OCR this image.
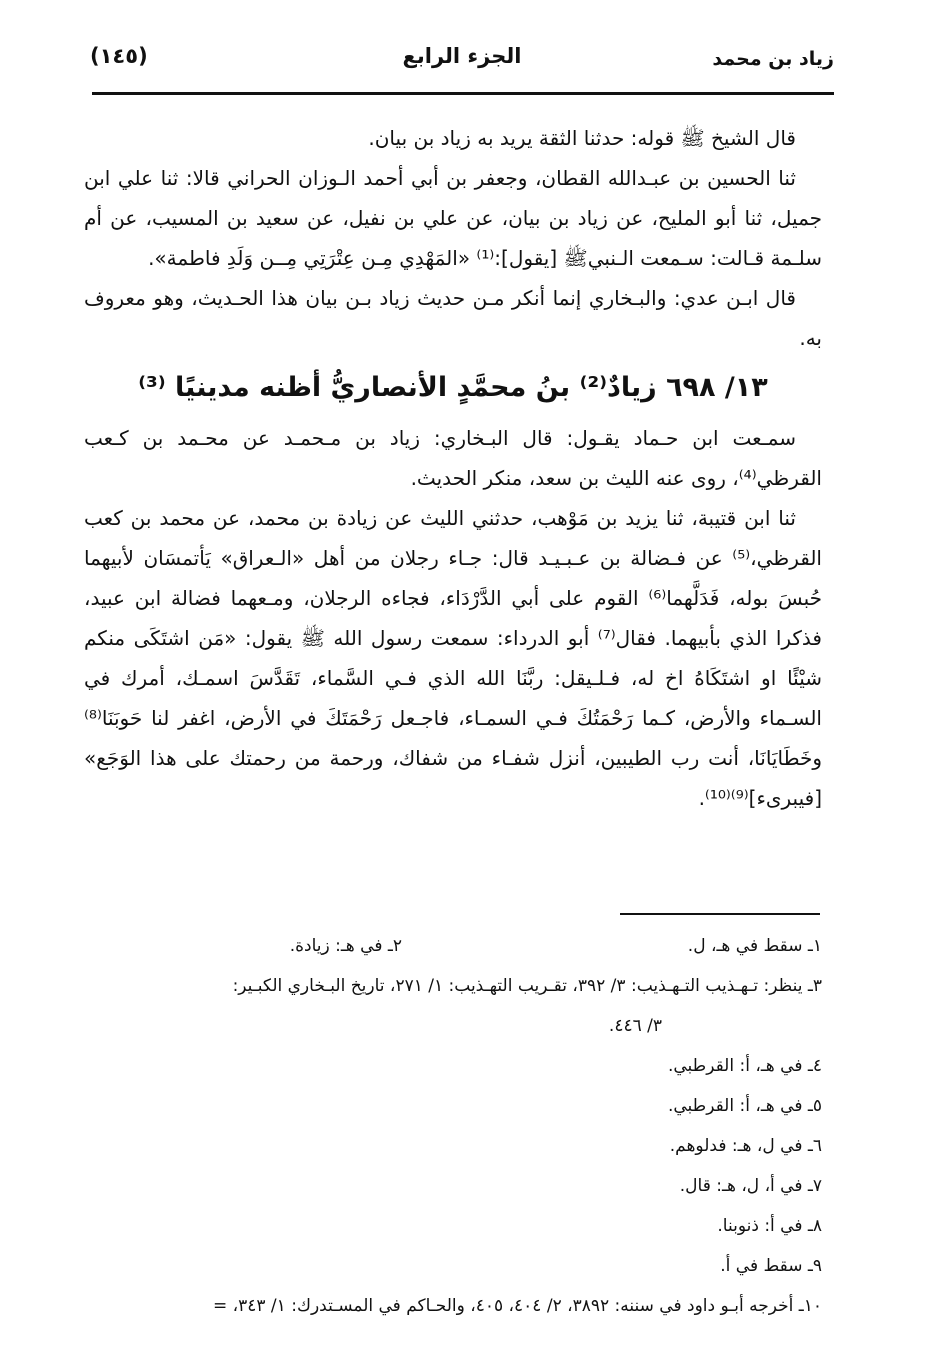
(١٤٥)	الجزء الرابع	زياد بن محمد

قال الشيخ ﷺ قوله: حدثنا الثقة يريد به زياد بن بيان.

ثنا الحسين بن عبـدالله القطان، وجعفر بن أبي أحمد الـوزان الحراني قالا: ثنا علي ابن جميل، ثنا أبو المليح، عن زياد بن بيان، عن علي بن نفيل، عن سعيد بن المسيب، عن أم سلـمة قـالت: سـمعت الـنبيﷺ [يقول]:⁽¹⁾ «المَهْدِي مِـن عِتْرَتِي مِــن وَلَدِ فاطمة».

قال ابـن عدي: والبـخاري إنما أنكر مـن حديث زياد بـن بيان هذا الحـديث، وهو معروف به.

١٣/ ٦٩٨ زيادٌ⁽²⁾ بنُ محمَّدٍ الأنصاريُّ أظنه مدينيًا ⁽³⁾

سمـعت ابن حـماد يقـول: قال البـخاري: زياد بن مـحمـد عن محـمد بن كـعب القرظي⁽⁴⁾، روى عنه الليث بن سعد، منكر الحديث.

ثنا ابن قتيبة، ثنا يزيد بن مَوْهب، حدثني الليث عن زيادة بن محمد، عن محمد بن كعب القرظي،⁽⁵⁾ عن فـضالة بن عـبـيـد قال: جـاء رجلان من أهل «الـعراق» يَأتمسَان لأبيهما حُبسَ بوله، فَدَلَّهما⁽⁶⁾ القوم على أبي الدَّرْدَاء، فجاءه الرجلان، ومـعهما فضالة ابن عبيد، فذكرا الذي بأبيهما. فقال⁽⁷⁾ أبو الدرداء: سمعت رسول الله ﷺ يقول: «مَن اشتَكَى منكم شيْئًا او اشتَكَاهُ اخ له، فـلـيقل: ربَّنَا الله الذي فـي السَّماء، تَقَدَّسَ اسمـك، أمرك في السـماء والأرض، كـما رَحْمَتُكَ فـي السمـاء، فاجـعل رَحْمَتَكَ في الأرض، اغفر لنا حَوبَنَا⁽⁸⁾ وخَطَايَانَا، أنت رب الطيبين، أنزل شفـاء من شفاك، ورحمة من رحمتك على هذا الوَجَع» [فيبرىء]⁽⁹⁾⁽¹⁰⁾.

١ـ سقط في هـ، ل.
٢ـ في هـ: زيادة.
٣ـ ينظر: تـهـذيب التـهـذيب: ٣/ ٣٩٢، تقـريب التهـذيب: ١/ ٢٧١، تاريخ البـخاري الكبـير:
٣/ ٤٤٦.
٤ـ في هـ، أ: القرطبي.
٥ـ في هـ، أ: القرطبي.
٦ـ في ل، هـ: فدلوهم.
٧ـ في أ، ل، هـ: قال.
٨ـ في أ: ذنوبنا.
٩ـ سقط في أ.
١٠ـ أخرجه أبـو داود في سننه: ٣٨٩٢، ٢/ ٤٠٤، ٤٠٥، والحـاكم في المسـتدرك: ١/ ٣٤٣، =
